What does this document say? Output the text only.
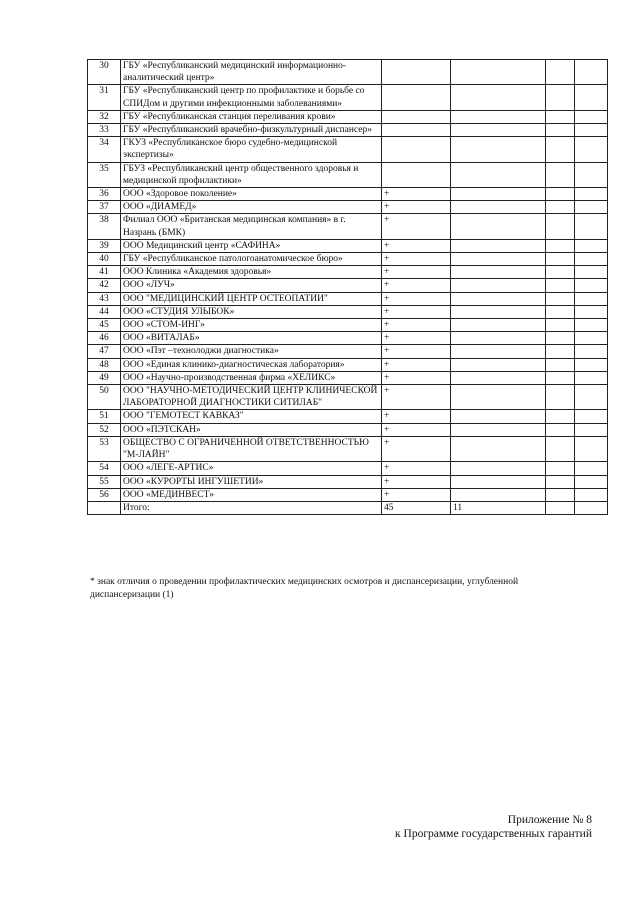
30	ГБУ «Республиканский медицинский информационно-аналитический центр»				
31	ГБУ «Республиканский центр по профилактике и борьбе со СПИДом и другими инфекционными заболеваниями»				
32	ГБУ «Республиканская станция переливания крови»				
33	ГБУ «Республиканский врачебно-физкультурный диспансер»				
34	ГКУЗ «Республиканское бюро судебно-медицинской экспертизы»				
35	ГБУЗ «Республиканский центр общественного здоровья и медицинской профилактики»				
36	ООО «Здоровое поколение»	+			
37	ООО «ДИАМЕД»	+			
38	Филиал ООО «Британская медицинская компания» в г. Назрань (БМК)	+			
39	ООО Медицинский центр «САФИНА»	+			
40	ГБУ «Республиканское патологоанатомическое бюро»	+			
41	ООО Клиника «Академия здоровья»	+			
42	ООО «ЛУЧ»	+			
43	ООО "МЕДИЦИНСКИЙ ЦЕНТР ОСТЕОПАТИИ"	+			
44	ООО «СТУДИЯ УЛЫБОК»	+			
45	ООО «СТОМ-ИНГ»	+			
46	ООО «ВИТАЛАБ»	+			
47	ООО «Пэт –технолоджи диагностика»	+			
48	ООО «Единая клинико-диагностическая лаборатория»	+			
49	ООО «Научно-производственная фирма «ХЕЛИКС»	+			
50	ООО "НАУЧНО-МЕТОДИЧЕСКИЙ ЦЕНТР КЛИНИЧЕСКОЙ ЛАБОРАТОРНОЙ ДИАГНОСТИКИ СИТИЛАБ"	+			
51	ООО "ГЕМОТЕСТ КАВКАЗ"	+			
52	ООО «ПЭТСКАН»	+			
53	ОБЩЕСТВО С ОГРАНИЧЕННОЙ ОТВЕТСТВЕННОСТЬЮ "М-ЛАЙН"	+			
54	ООО «ЛЕГЕ-АРТИС»	+			
55	ООО «КУРОРТЫ ИНГУШЕТИИ»	+			
56	ООО «МЕДИНВЕСТ»	+			
	Итого:	45	11		
* знак отличия о проведении профилактических медицинских осмотров и диспансеризации, углубленной диспансеризации (1)
Приложение № 8
к Программе государственных гарантий
